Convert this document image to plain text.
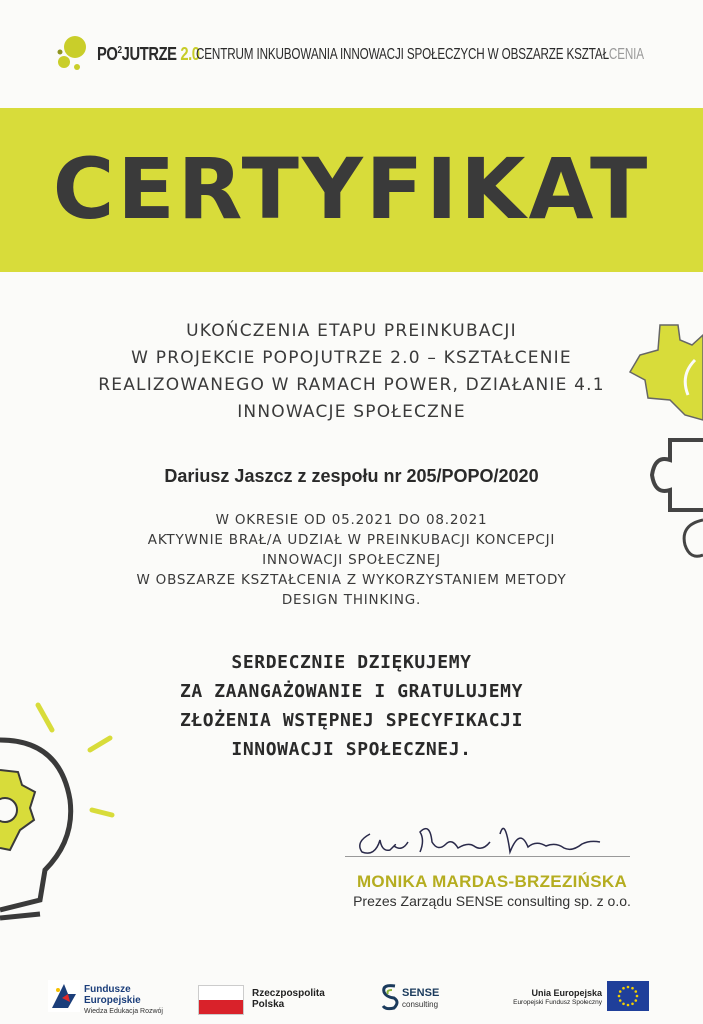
$PO^2JUTRZE$ 2.0
CENTRUM INKUBOWANIA INNOWACJI SPOŁECZYCH W OBSZARZE KSZTAŁCENIA
CERTYFIKAT
UKOŃCZENIA ETAPU PREINKUBACJI
W PROJEKCIE POPOJUTRZE 2.0 – KSZTAŁCENIE
REALIZOWANEGO W RAMACH POWER, DZIAŁANIE 4.1
INNOWACJE SPOŁECZNE
Dariusz Jaszcz z zespołu nr 205/POPO/2020
W OKRESIE OD 05.2021 DO 08.2021
AKTYWNIE BRAŁ/A UDZIAŁ W PREINKUBACJI KONCEPCJI
INNOWACJI SPOŁECZNEJ
W OBSZARZE KSZTAŁCENIA Z WYKORZYSTANIEM METODY
DESIGN THINKING.
SERDECZNIE DZIĘKUJEMY
ZA ZAANGAŻOWANIE I GRATULUJEMY
ZŁOŻENIA WSTĘPNEJ SPECYFIKACJI
INNOWACJI SPOŁECZNEJ.
MONIKA MARDAS-BRZEZIŃSKA
Prezes Zarządu SENSE consulting sp. z o.o.
Fundusze
Europejskie
Wiedza Edukacja Rozwój
Rzeczpospolita
Polska
SENSE
consulting
Unia Europejska
Europejski Fundusz Społeczny
